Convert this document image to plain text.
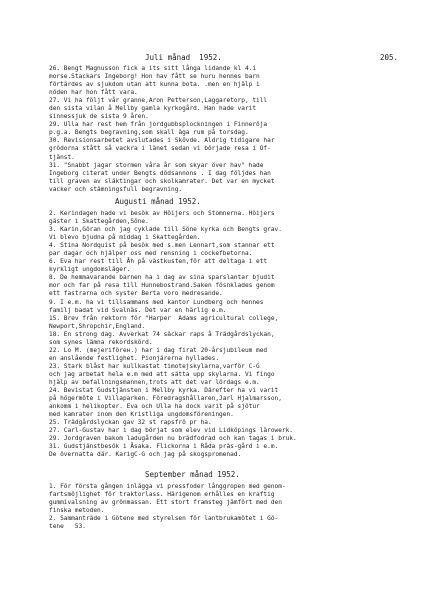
205.
Juli månad  1952.
26. Bengt Magnusson fick a its sitt långa lidande kl 4.i
morse.Stackars Ingeborg! Hon hav fått se huru hennes barn
förtärdes av sjukdom utan att kunna bota. .men en hjälp i
nöden har hon fått vara.
27. Vi ha följt vår granne,Aron Petterson,Laggaretorp, till
den sista vilan å Mellby gamla kyrkogård. Han hade varit
sinnessjuk de sista 9 åren.
29. Ulla har rest hem från jordgubbsplockningen i Finneröja
p.g.a. Bengts begravning,som skall äga rum på torsdag.
30. Revisionsarbetet avslutades i Skövde. Aldrig tidigare har
grödorna stått så vackra i länet sedan vi började resa i Of-
tjänst.
31. "Snabbt jagar stormen våra år som skyar över hav" hade
Ingeborg citerat under Bengts dödsannons . I dag följdes han
till graven av släktingar och skolkamrater. Det var en mycket
vacker och stämningsfull begravning.
Augusti månad 1952.
2. Kerindagen hade vi besök av Höijers och Stomnerna. Höijers
gäster i Skattegården,Söne.
3. Karin,Göran och jag cyklade till Söne kyrka och Bengts grav.
Vi blevo bjudna på middag i Skattegården.
4. Stina Nordquist på besök med s.men Lennart,som stannar ett
par dagar och hjälper oss med rensning i cockefbetorna.
6. Eva har rest till Åh på västkusten,för att deltaga i ett
kyrkligt ungdomsläger.
8. De hemmavarande barnen ha i dag av sina sparslantar bjudit
mor och far på resa till Hunnebostrand.Saken fösnklades genom
ett fastrarna och syster Berta voro medresande.
9. I e.m. ha vi tillsammans med kantor Lundberg och hennes
familj badat vid Svalnäs. Det var en härlig e.m.
15. Brev från rektorn för "Harper  Adams agricultural college,
Newport,Shropchir,England.
18. En strong dag. Avverkat 74 säckar raps å Trädgårdslyckan,
som synes lämna rekordskörd.
22. Lo M. (mejeriföreн.) har i dag firat 20-årsjubileum med
en anslående festlighet. Pionjärerna hyllades.
23. Stark blåst har kullkastat timotejskylarna,varför C-G
och jag arbetat hela e.m med att sätta upp skylarna. Vi fingo
hjälp av befallningsmannen,trots att det var lördags e.m.
24. Bevistat Gudstjänsten i Mellby kyrka. Därefter ha vi varit
på högermöte i Villaparken. Föredragshållaren,Jarl Hjalmarsson,
ankomm i helikopter. Eva och Ulla ha dock varit på sjötur
med kamrater inom den Kristliga ungdomsföreningen.
25. Trädgårdslyckan gav 32 st rapsfrö pr ha.
27. Carl-Gustav har i dag börjat som elev vid Lidköpings lärowerk.
29. Jordgraven bakom ladugården nu brädfodrad och kan tagas i bruk.
31. Gudstjänstbesök i Åsaka. Flickorna i Råda präs-gård i e.m.
De övernatta där. KarigC-G och jag på skogspromenad.
September månad 1952.
1. För första gången inlägga vi pressfoder långgropen med genom-
fartsmöjlighet för traktorlass. Härigenom erhålles en kraftig
gummivalsning av grönmassan. Ett stort framsteg jämfört med den
finska metoden.
2. Sammanträde i Götene med styrelsen för lantbrukamötet i Gö-
tene   53.
